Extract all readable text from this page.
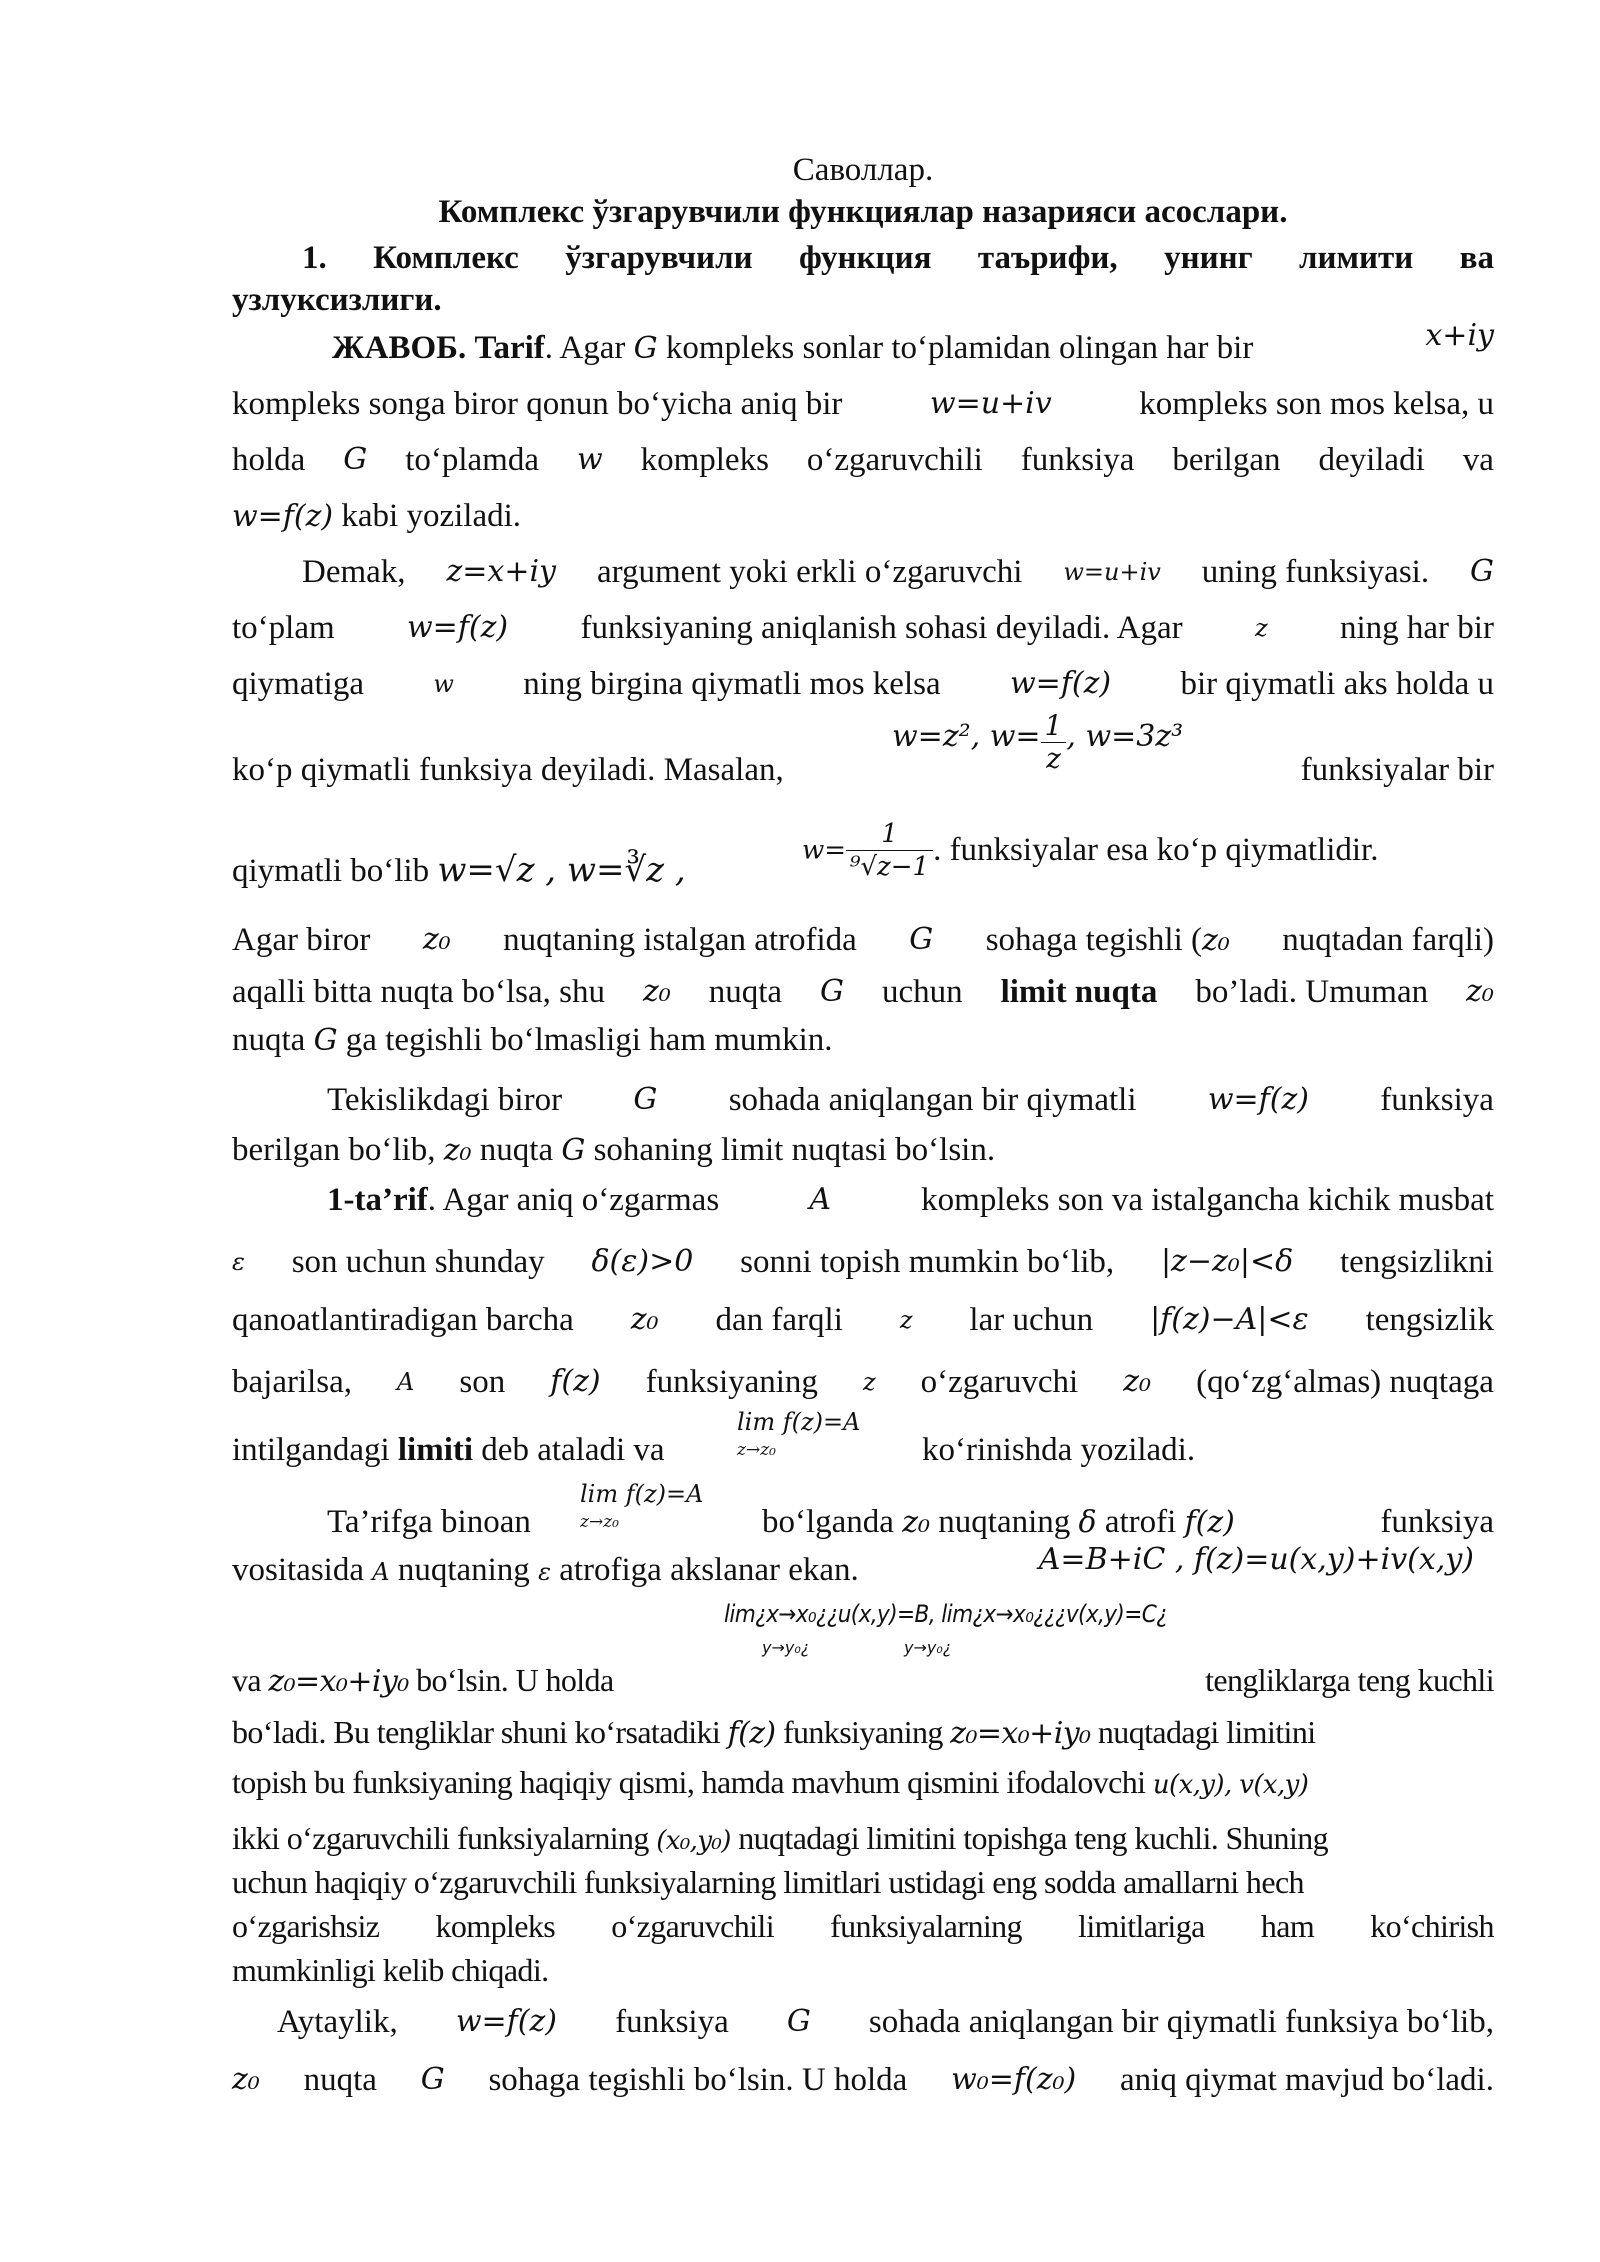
Саволлар.
Комплекс ўзгарувчили функциялар назарияси асослари.
1. Комплекс ўзгарувчили функция таърифи, унинг лимити ва
узлуксизлиги.
ЖАВОБ. Tarif. Agar G kompleks sonlar to‘plamidan olingan har bir	x+iy
kompleks songa biror qonun bo‘yicha aniq bir	w=u+iv	kompleks son mos kelsa, u
holda G to‘plamda w kompleks o‘zgaruvchili funksiya berilgan deyiladi va
w=f(z) kabi yoziladi.
Demak, z=x+iy argument yoki erkli o‘zgaruvchi w=u+iv uning funksiyasi. G
to‘plam w=f(z) funksiyaning aniqlanish sohasi deyiladi. Agar	z ning har bir
qiymatiga	w ning birgina qiymatli mos kelsa w=f(z) bir qiymatli aks holda u
ko‘p qiymatli funksiya deyiladi. Masalan,	funksiyalar bir
w=z², $w= \frac{1}{z}$ , w=3z³
qiymatli bo‘lib w=√z , w=∛z ,	$w= \frac{1}{\text{⁹√z−1}}$ . funksiyalar esa ko‘p qiymatlidir.
Agar biror z₀ nuqtaning istalgan atrofida G sohaga tegishli (z₀ nuqtadan farqli)
aqalli bitta nuqta bo‘lsa, shu z₀ nuqta G uchun limit nuqta bo’ladi. Umuman z₀
nuqta G ga tegishli bo‘lmasligi ham mumkin.
Tekislikdagi biror G sohada aniqlangan bir qiymatli w=f(z) funksiya
berilgan bo‘lib, z₀ nuqta G sohaning limit nuqtasi bo‘lsin.
1-ta’rif. Agar aniq o‘zgarmas	A	kompleks son va istalgancha kichik musbat
ε son uchun shunday δ(ε)>0 sonni topish mumkin bo‘lib, |z−z₀|<δ tengsizlikni
qanoatlantiradigan barcha z₀ dan farqli z lar uchun |f(z)−A|<ε tengsizlik
bajarilsa, A son f(z) funksiyaning z o‘zgaruvchi z₀ (qo‘zg‘almas) nuqtaga
lim f(z)=A
z→z₀
intilgandagi limiti deb ataladi va	ko‘rinishda yoziladi.
lim f(z)=A
z→z₀
Ta’rifga binoan	bo‘lganda z₀ nuqtaning δ atrofi f(z)	funksiya
vositasida A nuqtaning ε atrofiga akslanar ekan.	A=B+iC , f(z)=u(x,y)+iv(x,y)
lim¿x→x₀¿¿u(x,y)=B, lim¿x→x₀¿¿¿v(x,y)=C¿
y→y₀¿	y→y₀¿
va z₀=x₀+iy₀ bo‘lsin. U holda	tengliklarga teng kuchli
bo‘ladi. Bu tengliklar shuni ko‘rsatadiki f(z) funksiyaning z₀=x₀+iy₀ nuqtadagi limitini
topish bu funksiyaning haqiqiy qismi, hamda mavhum qismini ifodalovchi u(x,y), v(x,y)
ikki o‘zgaruvchili funksiyalarning (x₀,y₀) nuqtadagi limitini topishga teng kuchli. Shuning
uchun haqiqiy o‘zgaruvchili funksiyalarning limitlari ustidagi eng sodda amallarni hech
o‘zgarishsiz kompleks o‘zgaruvchili funksiyalarning limitlariga ham ko‘chirish
mumkinligi kelib chiqadi.
Aytaylik, w=f(z) funksiya G sohada aniqlangan bir qiymatli funksiya bo‘lib,
z₀ nuqta G sohaga tegishli bo‘lsin. U holda w₀=f(z₀) aniq qiymat mavjud bo‘ladi.
